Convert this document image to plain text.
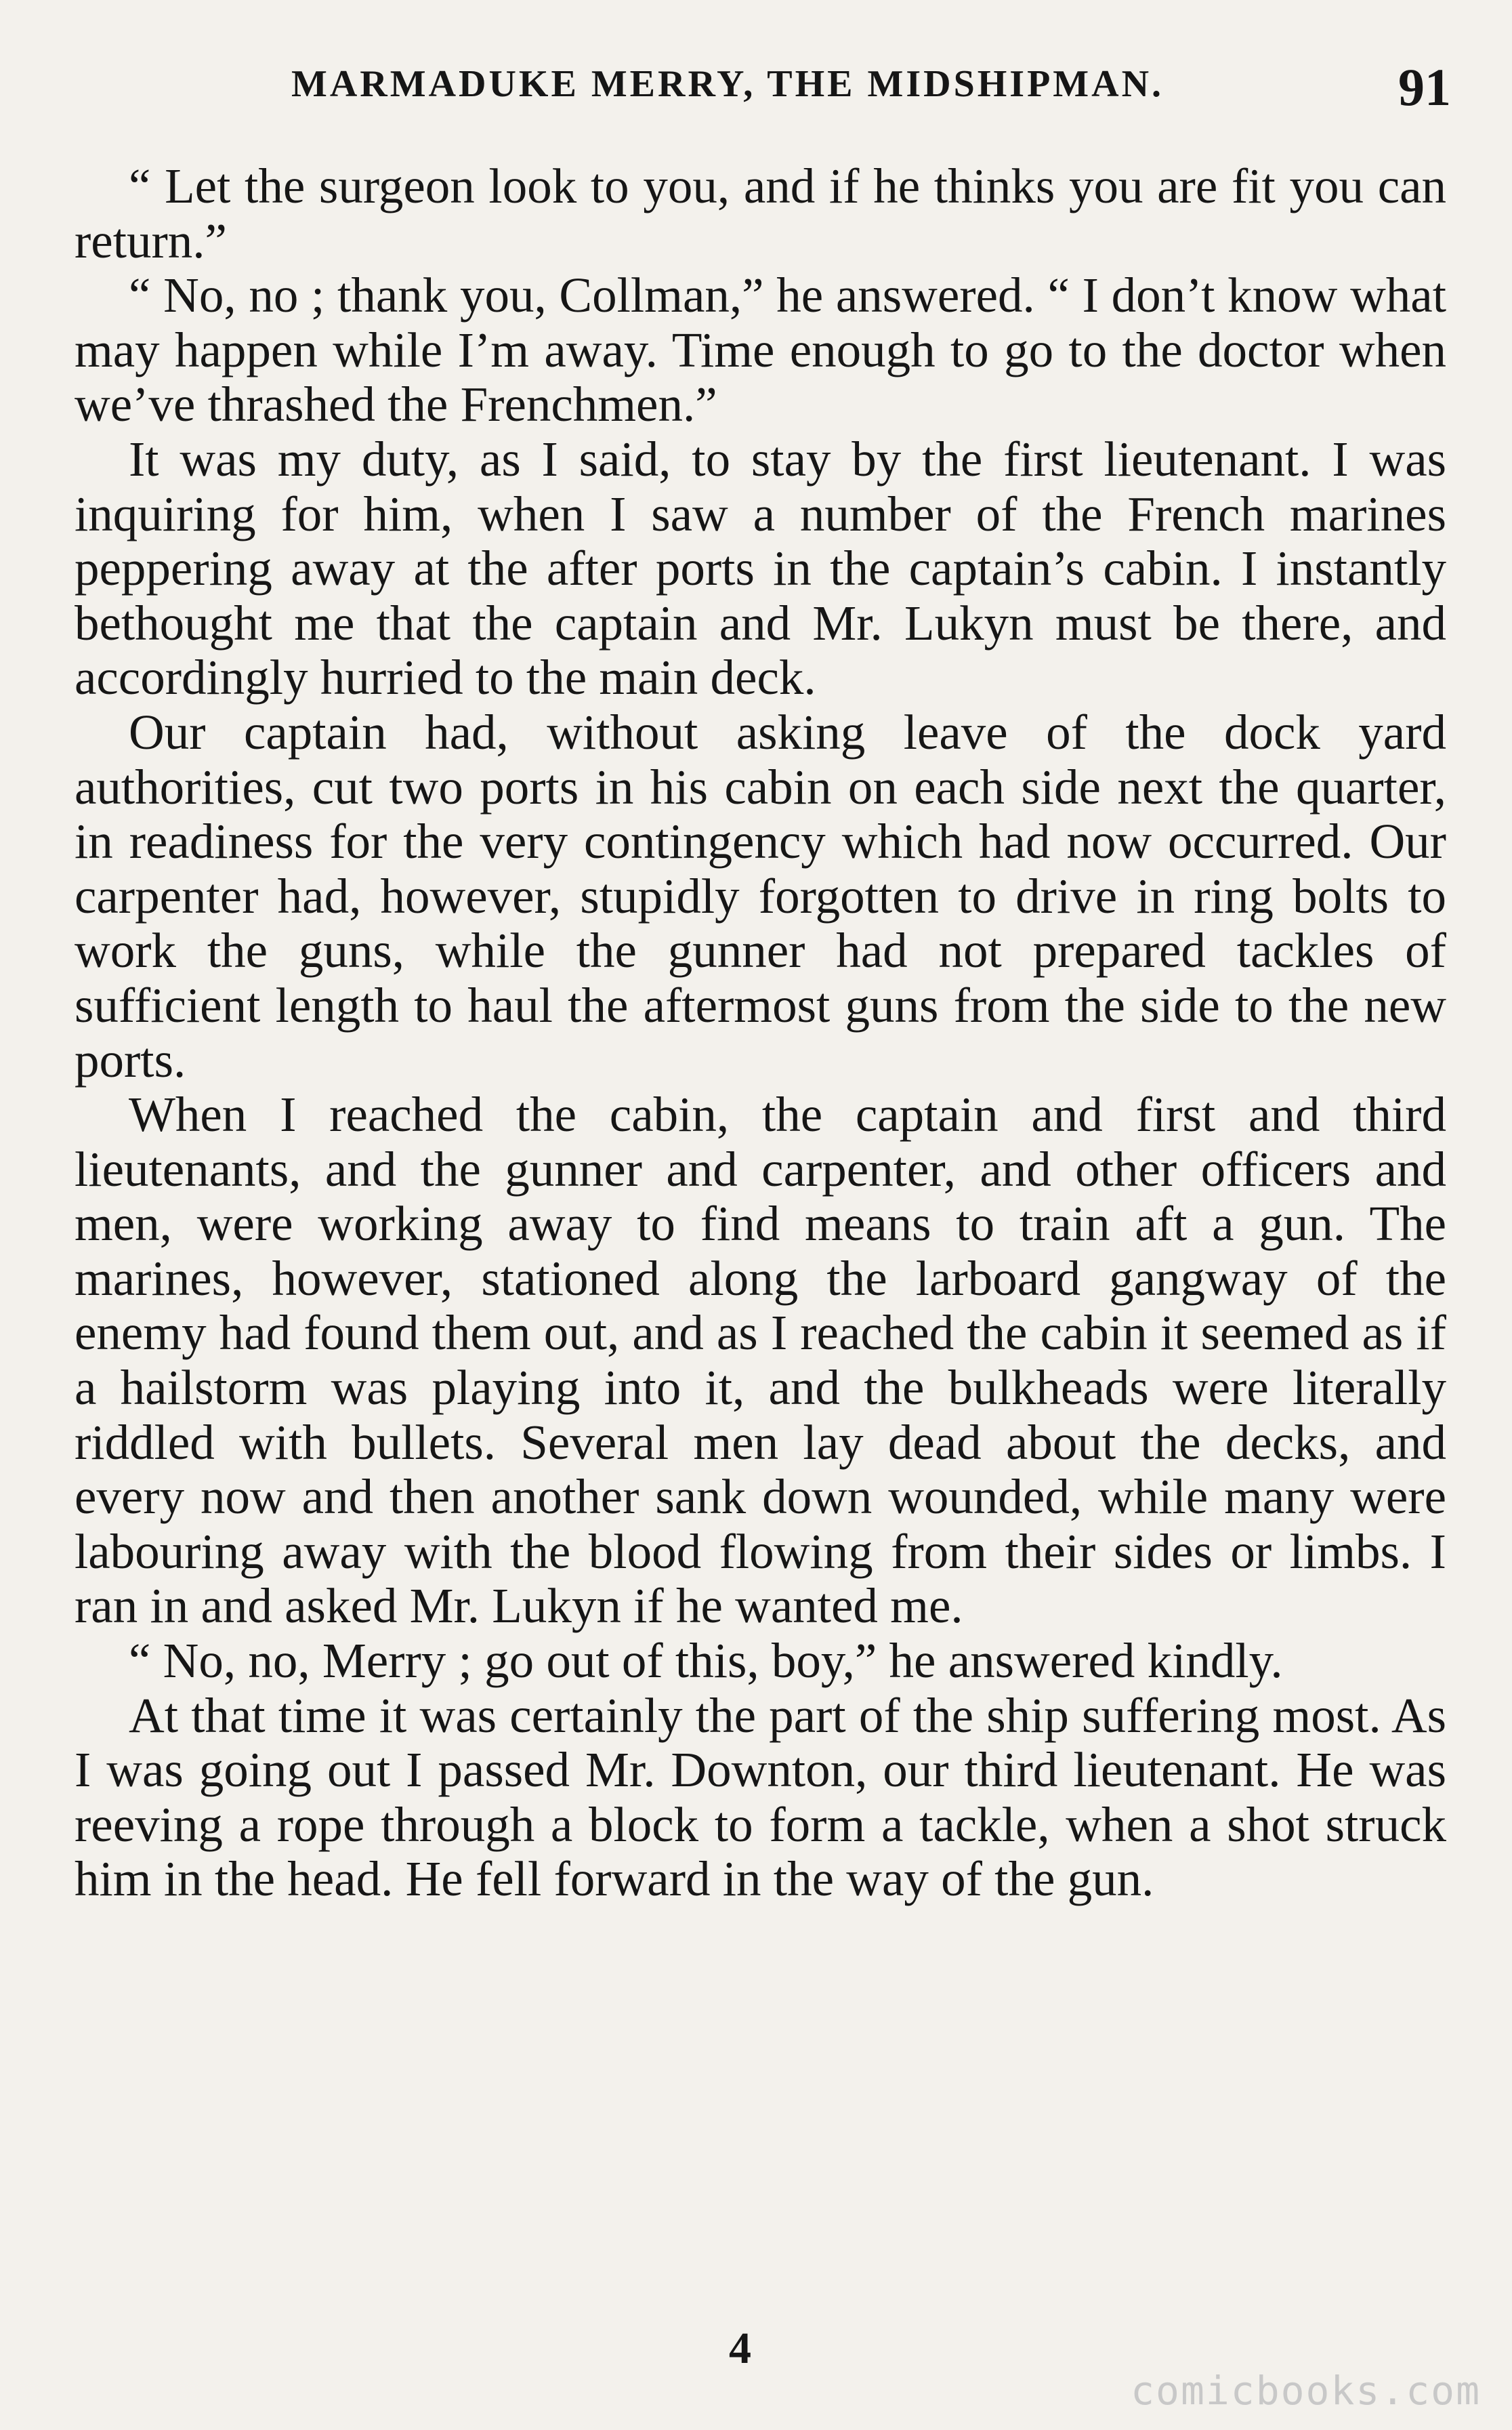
MARMADUKE MERRY, THE MIDSHIPMAN.	91

“ Let the surgeon look to you, and if he thinks you are fit you can return.”

“ No, no ; thank you, Collman,” he answered. “ I don’t know what may happen while I’m away. Time enough to go to the doctor when we’ve thrashed the Frenchmen.”

It was my duty, as I said, to stay by the first lieutenant. I was inquiring for him, when I saw a number of the French marines peppering away at the after ports in the captain’s cabin. I instantly bethought me that the captain and Mr. Lukyn must be there, and accordingly hurried to the main deck.

Our captain had, without asking leave of the dock yard authorities, cut two ports in his cabin on each side next the quarter, in readiness for the very contingency which had now occurred. Our carpenter had, however, stupidly forgotten to drive in ring bolts to work the guns, while the gunner had not prepared tackles of sufficient length to haul the aftermost guns from the side to the new ports.

When I reached the cabin, the captain and first and third lieutenants, and the gunner and carpenter, and other officers and men, were working away to find means to train aft a gun. The marines, however, stationed along the larboard gangway of the enemy had found them out, and as I reached the cabin it seemed as if a hailstorm was playing into it, and the bulkheads were literally riddled with bullets. Several men lay dead about the decks, and every now and then another sank down wounded, while many were labouring away with the blood flowing from their sides or limbs. I ran in and asked Mr. Lukyn if he wanted me.

“ No, no, Merry ; go out of this, boy,” he answered kindly.

At that time it was certainly the part of the ship suffering most. As I was going out I passed Mr. Downton, our third lieutenant. He was reeving a rope through a block to form a tackle, when a shot struck him in the head. He fell forward in the way of the gun.

4
comicbooks.com
